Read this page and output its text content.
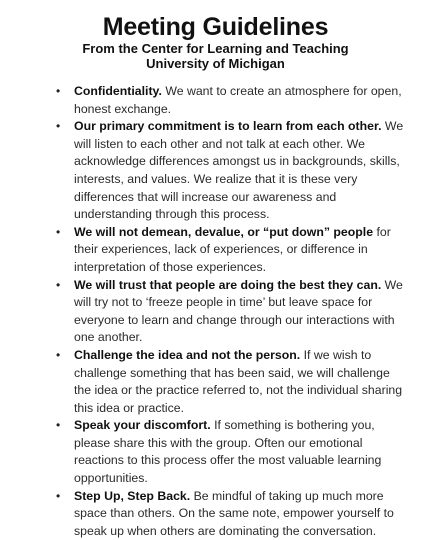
Meeting Guidelines
From the Center for Learning and Teaching
University of Michigan
• Confidentiality. We want to create an atmosphere for open, honest exchange.
• Our primary commitment is to learn from each other. We will listen to each other and not talk at each other. We acknowledge differences amongst us in backgrounds, skills, interests, and values. We realize that it is these very differences that will increase our awareness and understanding through this process.
• We will not demean, devalue, or “put down” people for their experiences, lack of experiences, or difference in interpretation of those experiences.
• We will trust that people are doing the best they can. We will try not to ‘freeze people in time’ but leave space for everyone to learn and change through our interactions with one another.
• Challenge the idea and not the person. If we wish to challenge something that has been said, we will challenge the idea or the practice referred to, not the individual sharing this idea or practice.
• Speak your discomfort. If something is bothering you, please share this with the group. Often our emotional reactions to this process offer the most valuable learning opportunities.
• Step Up, Step Back. Be mindful of taking up much more space than others. On the same note, empower yourself to speak up when others are dominating the conversation.
